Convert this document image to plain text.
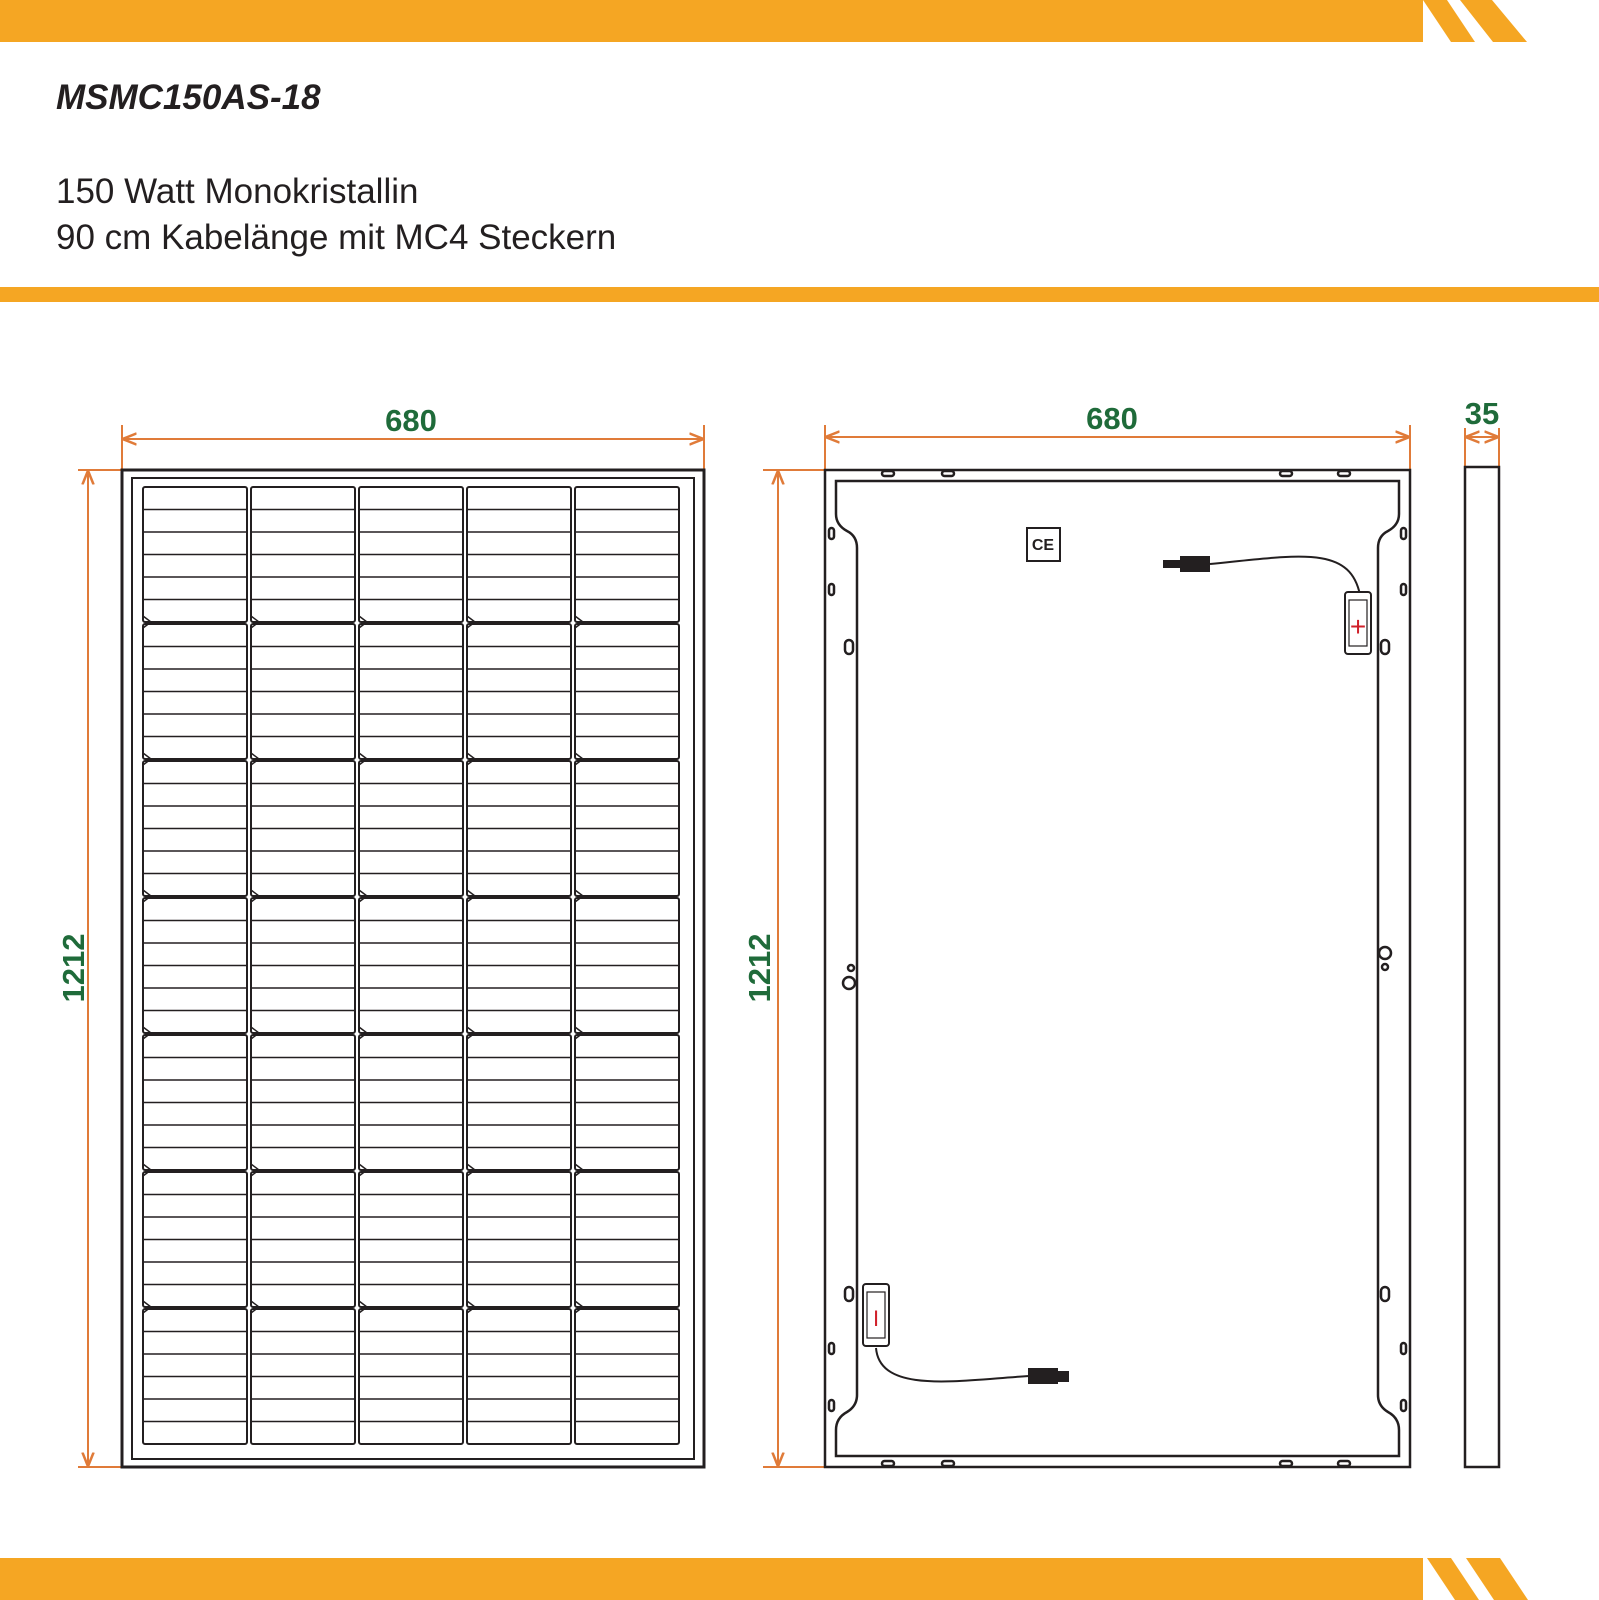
MSMC150AS-18
150 Watt Monokristallin
90 cm Kabelänge mit MC4 Steckern
680
1212
680
1212
CE
+
I
35
